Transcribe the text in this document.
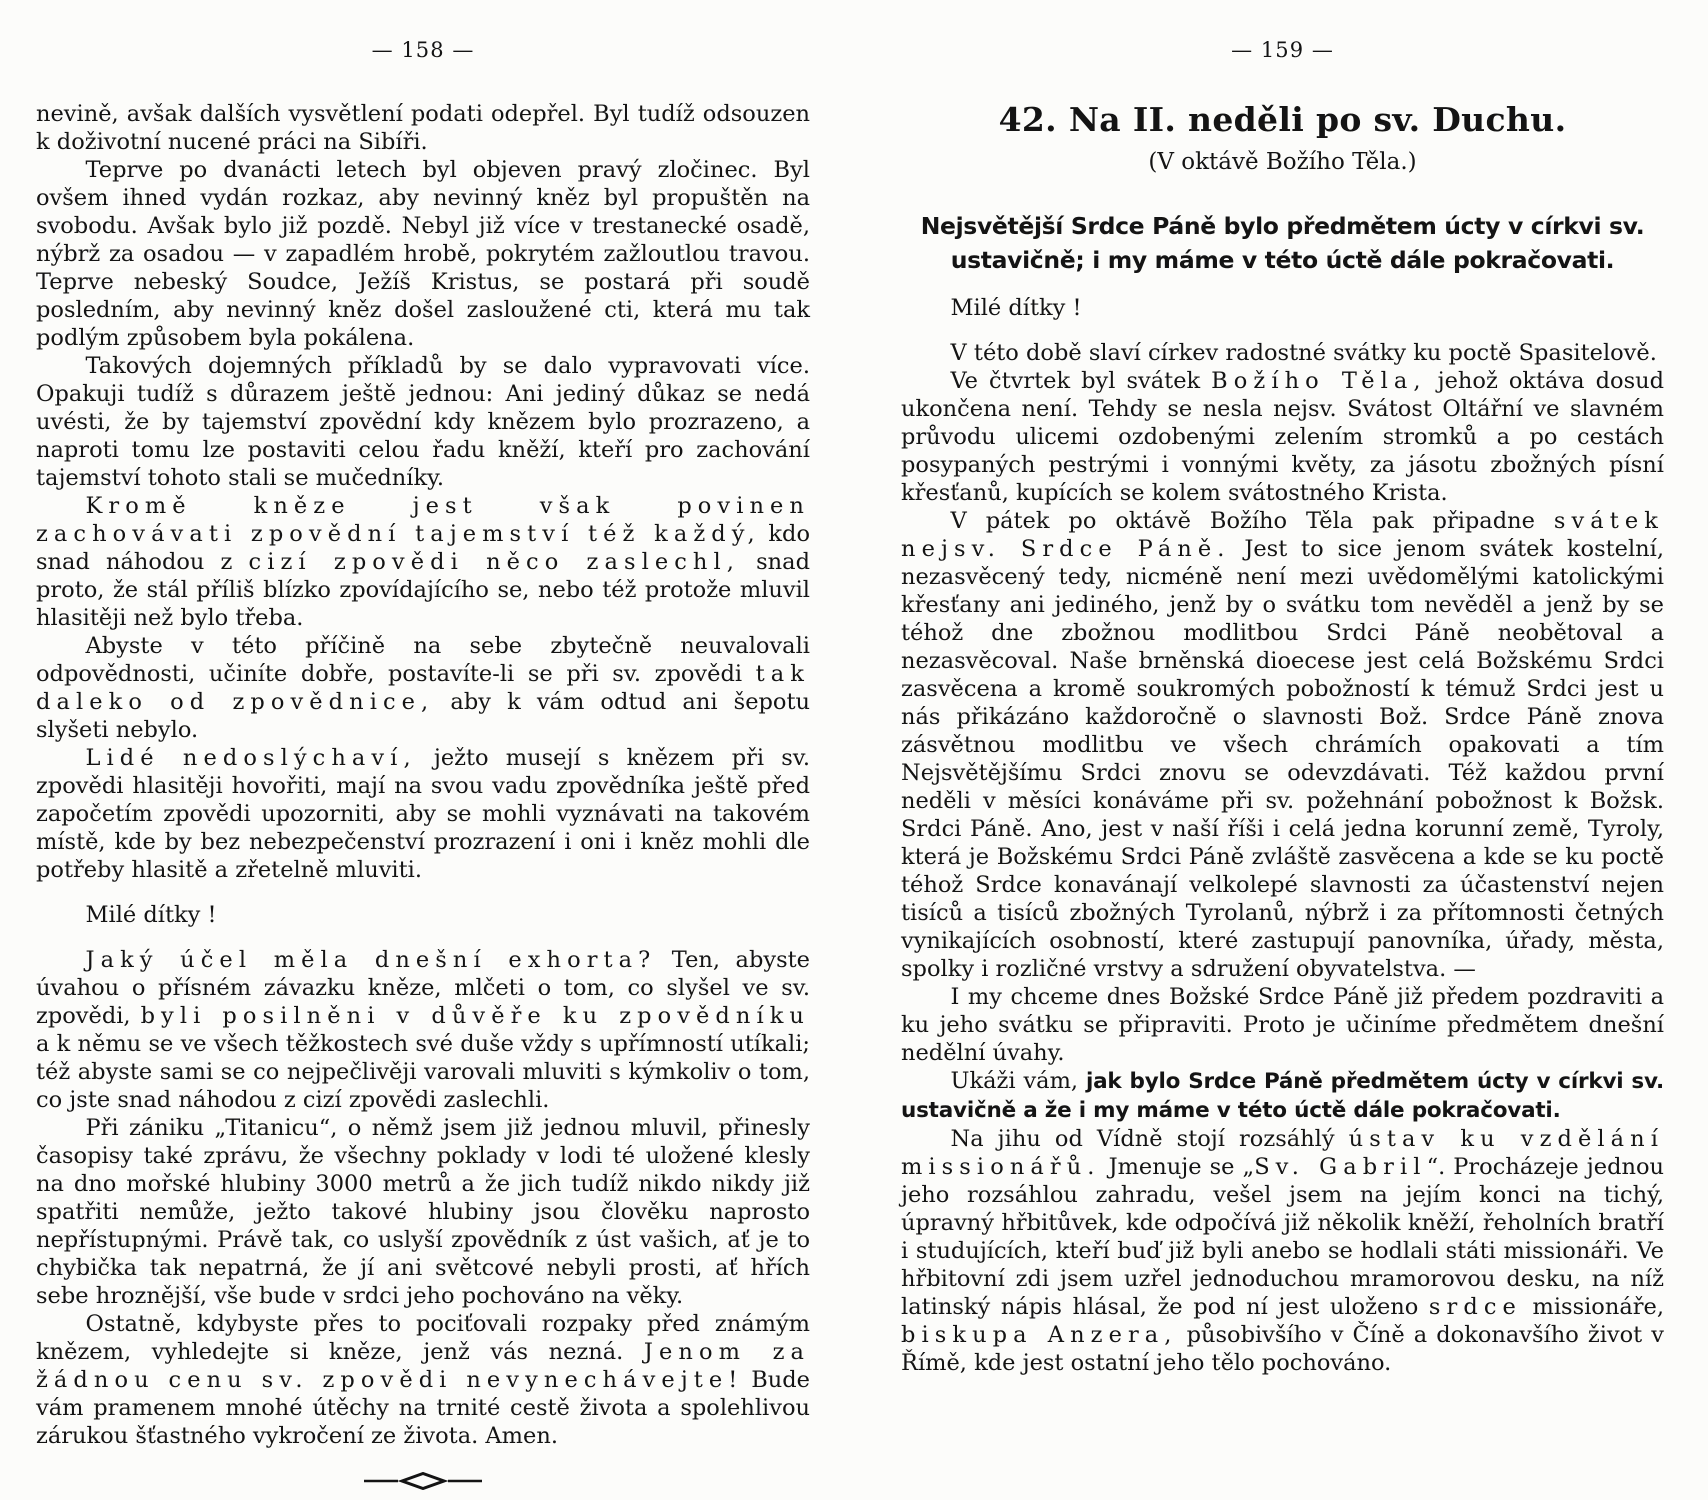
— 158 —

nevině, avšak dalších vysvětlení podati odepřel. Byl tudíž odsouzen k doživotní nucené práci na Sibíři.

Teprve po dvanácti letech byl objeven pravý zločinec. Byl ovšem ihned vydán rozkaz, aby nevinný kněz byl propuštěn na svobodu. Avšak bylo již pozdě. Nebyl již více v trestanecké osadě, nýbrž za osadou — v zapadlém hrobě, pokrytém zažloutlou travou. Teprve nebeský Soudce, Ježíš Kristus, se postará při soudě posledním, aby nevinný kněz došel zasloužené cti, která mu tak podlým způsobem byla pokálena.

Takových dojemných příkladů by se dalo vypravovati více. Opakuji tudíž s důrazem ještě jednou: Ani jediný důkaz se nedá uvésti, že by tajemství zpovědní kdy knězem bylo prozrazeno, a naproti tomu lze postaviti celou řadu kněží, kteří pro zachování tajemství tohoto stali se mučedníky.

Kromě kněze jest však povinen zachovávati zpovědní tajemství též každý, kdo snad náhodou z cizí zpovědi něco zaslechl, snad proto, že stál příliš blízko zpovídajícího se, nebo též protože mluvil hlasitěji než bylo třeba.

Abyste v této příčině na sebe zbytečně neuvalovali odpovědnosti, učiníte dobře, postavíte-li se při sv. zpovědi tak daleko od zpovědnice, aby k vám odtud ani šepotu slyšeti nebylo.

Lidé nedoslýchaví, ježto musejí s knězem při sv. zpovědi hlasitěji hovořiti, mají na svou vadu zpovědníka ještě před započetím zpovědi upozorniti, aby se mohli vyznávati na takovém místě, kde by bez nebezpečenství prozrazení i oni i kněz mohli dle potřeby hlasitě a zřetelně mluviti.

Milé dítky !

Jaký účel měla dnešní exhorta? Ten, abyste úvahou o přísném závazku kněze, mlčeti o tom, co slyšel ve sv. zpovědi, byli posilněni v důvěře ku zpovědníku a k němu se ve všech těžkostech své duše vždy s upřímností utíkali; též abyste sami se co nejpečlivěji varovali mluviti s kýmkoliv o tom, co jste snad náhodou z cizí zpovědi zaslechli.

Při zániku „Titanicu“, o němž jsem již jednou mluvil, přinesly časopisy také zprávu, že všechny poklady v lodi té uložené klesly na dno mořské hlubiny 3000 metrů a že jich tudíž nikdo nikdy již spatřiti nemůže, ježto takové hlubiny jsou člověku naprosto nepřístupnými. Právě tak, co uslyší zpovědník z úst vašich, ať je to chybička tak nepatrná, že jí ani světcové nebyli prosti, ať hřích sebe hroznější, vše bude v srdci jeho pochováno na věky.

Ostatně, kdybyste přes to pociťovali rozpaky před známým knězem, vyhledejte si kněze, jenž vás nezná. Jenom za žádnou cenu sv. zpovědi nevynechávejte! Bude vám pramenem mnohé útěchy na trnité cestě života a spolehlivou zárukou šťastného vykročení ze života. Amen.

— 159 —
42. Na II. neděli po sv. Duchu.
(V oktávě Božího Těla.)
Nejsvětější Srdce Páně bylo předmětem úcty v církvi sv.
ustavičně; i my máme v této úctě dále pokračovati.

Milé dítky !

V této době slaví církev radostné svátky ku poctě Spasitelově.

Ve čtvrtek byl svátek Božího Těla, jehož oktáva dosud ukončena není. Tehdy se nesla nejsv. Svátost Oltářní ve slavném průvodu ulicemi ozdobenými zelením stromků a po cestách posypaných pestrými i vonnými květy, za jásotu zbožných písní křesťanů, kupících se kolem svátostného Krista.

V pátek po oktávě Božího Těla pak připadne svátek nejsv. Srdce Páně. Jest to sice jenom svátek kostelní, nezasvěcený tedy, nicméně není mezi uvědomělými katolickými křesťany ani jediného, jenž by o svátku tom nevěděl a jenž by se téhož dne zbožnou modlitbou Srdci Páně neobětoval a nezasvěcoval. Naše brněnská dioecese jest celá Božskému Srdci zasvěcena a kromě soukromých pobožností k témuž Srdci jest u nás přikázáno každoročně o slavnosti Bož. Srdce Páně znova zásvětnou modlitbu ve všech chrámích opakovati a tím Nejsvětějšímu Srdci znovu se odevzdávati. Též každou první neděli v měsíci konáváme při sv. požehnání pobožnost k Božsk. Srdci Páně. Ano, jest v naší říši i celá jedna korunní země, Tyroly, která je Božskému Srdci Páně zvláště zasvěcena a kde se ku poctě téhož Srdce konavánají velkolepé slavnosti za účastenství nejen tisíců a tisíců zbožných Tyrolanů, nýbrž i za přítomnosti četných vynikajících osobností, které zastupují panovníka, úřady, města, spolky i rozličné vrstvy a sdružení obyvatelstva. —

I my chceme dnes Božské Srdce Páně již předem pozdraviti a ku jeho svátku se připraviti. Proto je učiníme předmětem dnešní nedělní úvahy.

Ukáži vám, jak bylo Srdce Páně předmětem úcty v církvi sv. ustavičně a že i my máme v této úctě dále pokračovati.

Na jihu od Vídně stojí rozsáhlý ústav ku vzdělání missionářů. Jmenuje se „Sv. Gabril“. Procházeje jednou jeho rozsáhlou zahradu, vešel jsem na jejím konci na tichý, úpravný hřbitůvek, kde odpočívá již několik kněží, řeholních bratří i studujících, kteří buď již byli anebo se hodlali státi missionáři. Ve hřbitovní zdi jsem uzřel jednoduchou mramorovou desku, na níž latinský nápis hlásal, že pod ní jest uloženo srdce missionáře, biskupa Anzera, působivšího v Číně a dokonavšího život v Římě, kde jest ostatní jeho tělo pochováno.
